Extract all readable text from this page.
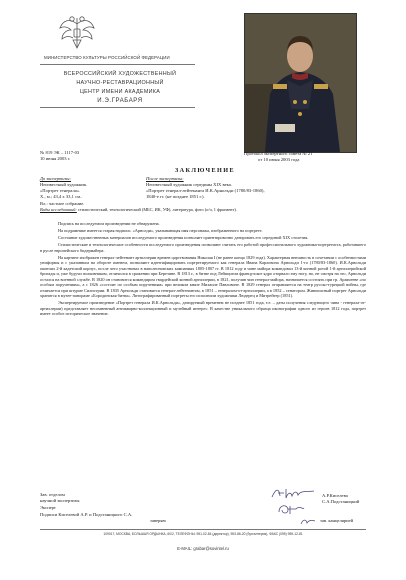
МИНИСТЕРСТВО КУЛЬТУРЫ РОССИЙСКОЙ ФЕДЕРАЦИИ
ВСЕРОССИЙСКИЙ ХУДОЖЕСТВЕННЫЙ
НАУЧНО-РЕСТАВРАЦИОННЫЙ
ЦЕНТР ИМЕНИ АКАДЕМИКА
И.Э.ГРАБАРЯ
№ 819 ЭК – 1117-03
10 июня 2003 г.
Протокол экспертного совета № 21
от 10 июня 2003 года
ЗАКЛЮЧЕНИЕ
До экспертизы:
Неизвестный художник.
«Портрет генерала».
Х., м.; 43,4 х 33,1 см..
После экспертизы:
Неизвестный художник середины XIX века.
«Портрет генерал-лейтенанта И.К.Арнольди (1780/83-1860),
1840-е гг. (не позднее 1851 г.).
Вл.: частное собрание.
Виды исследований: стилистический, технологический (МБС, ИК, УФ), литература, фото (о/ч, 1 фрагмент).
Подпись на исследуемом произведении не обнаружена.
На подрамнике имеется старая надпись: «Арнолди», указывающая имя персонажа, изображенного на портрете.
Состояние художественных материалов исследуемого произведения позволяет ориентировочно датировать его серединой XIX столетия.
Стилистические и технологические особенности исследуемого произведения позволяют считать его работой профессионального художника-портретиста, работавшего в русле европейского бидермайера.
На картине изображен генерал-лейтенант артиллерии времен царствования Николая I (не ранее конца 1829 года). Характерная внешность в сочетании с особенностями униформы и с указанным на обороте именем, позволяют идентифицировать портретируемого как генерала Ивана Карловича Арнольди 1-го (1780/83-1860). И.К.Арнольди окончил 2-й кадетский корпус, после чего участвовал в наполеоновских кампаниях 1805-1807 гг. В 1812 году в чине майора командовал 13-й конной ротой 1-й артиллерийской бригады и, уже будучи полковником, отличился в сражении при Березине. В 1813 г., в битве под Лейпцигом французское ядро оторвало ему ногу, но, не смотря на это, Арнольди остался на военной службе. В 1820 он становится командиром гвардейской конной артиллерии, в 1821, получив чин генерал-майора, назначается состоять при гр. Аракчееве «по особым поручениям», а с 1826 «состоит по особым поручениям» при великом князе Михаиле Павловиче. В 1829 генерал отправляется на театр русско-турецкой войны, где отличается при штурме Силистрии. В 1835 Арнольди становится генерал-лейтенантом, в 1851 – генералом-от-артиллерии, а в 1852 – сенатором. Живописный портрет Арнольди хранится в музее-панораме «Бородинская битва». Литографированный портреты его исполнили художники Людерец и Митрейтер (1851).
Экспертируемое произведение «Портрет генерала И.К.Арнольди», датируемый временем не позднее 1851 года, т.е. – даты получения следующего чина - генерала-от-артиллерии) представляет несомненный антикварно-коллекционный и музейный интерес. В качестве уникального образца иконографии одного из героев 1812 года, портрет имеет особое историческое значение.
Зав. отделом
научной экспертизы
Эксперт
Подписи Киселевой А.Р. и Подстаницкого С.А.
заверяю
А.Р.Киселева
С.А.Подстаницкий
зав. канцелярией
109017, МОСКВА, БОЛЬШАЯ ОРДЫНКА, 60/2, ТЕЛЕФОНЫ: 951-02-84 (директор), 953-86-20 (бухгалтерия), ФАКС (095) 959-12-81
E-MAIL: grabar@sovintel.ru
